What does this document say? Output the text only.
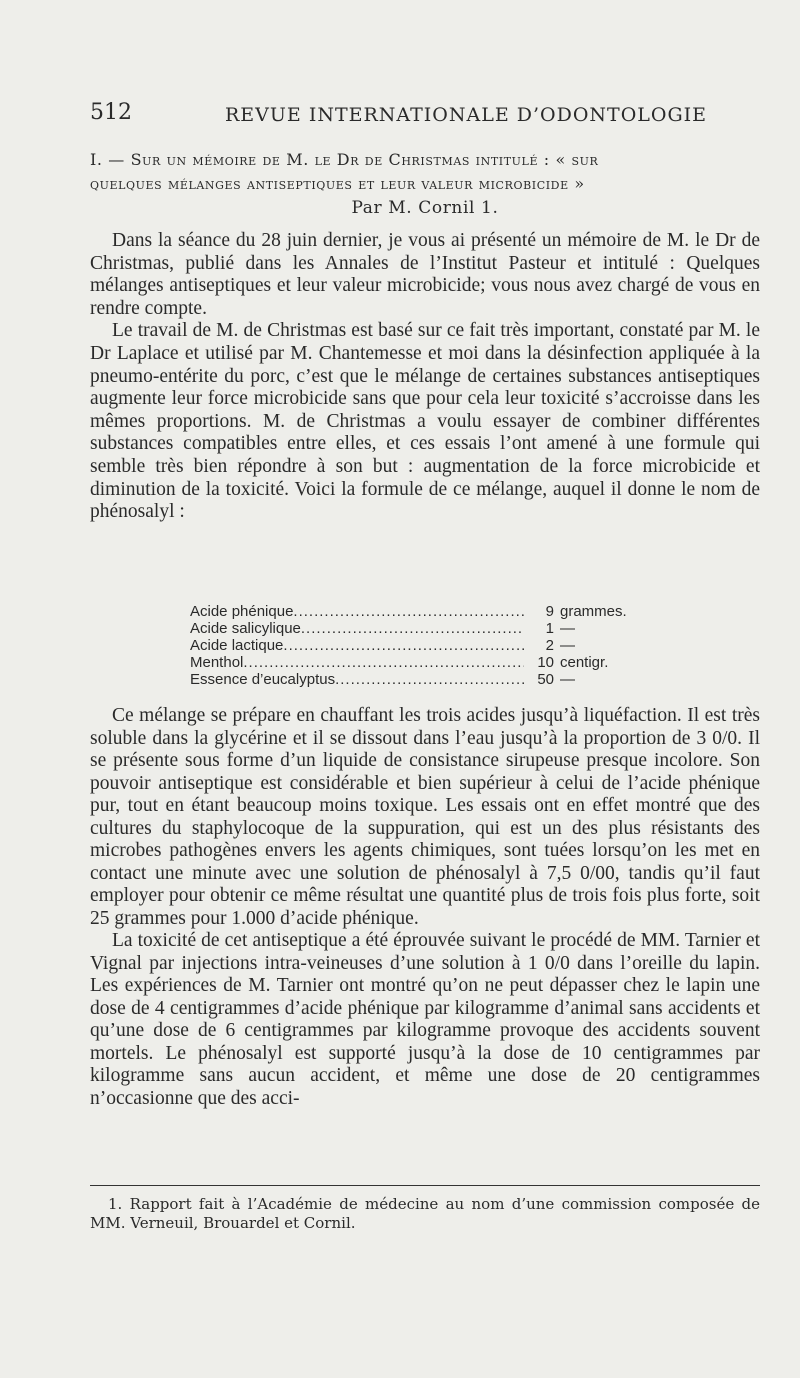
512	REVUE INTERNATIONALE D’ODONTOLOGIE
I. — Sur un mémoire de M. le Dr de Christmas intitulé : « sur
quelques mélanges antiseptiques et leur valeur microbicide »
Par M. Cornil 1.

Dans la séance du 28 juin dernier, je vous ai présenté un mémoire de M. le Dr de Christmas, publié dans les Annales de l’Institut Pasteur et intitulé : Quelques mélanges antiseptiques et leur valeur microbicide; vous nous avez chargé de vous en rendre compte.

Le travail de M. de Christmas est basé sur ce fait très important, constaté par M. le Dr Laplace et utilisé par M. Chantemesse et moi dans la désinfection appliquée à la pneumo-entérite du porc, c’est que le mélange de certaines substances antiseptiques augmente leur force microbicide sans que pour cela leur toxicité s’accroisse dans les mêmes proportions. M. de Christmas a voulu essayer de combiner différentes substances compatibles entre elles, et ces essais l’ont amené à une formule qui semble très bien répondre à son but : augmentation de la force microbicide et diminution de la toxicité. Voici la formule de ce mélange, auquel il donne le nom de phénosalyl :

Acide phénique .....	9 grammes.
Acide salicylique .....	1 —
Acide lactique .....	2 —
Menthol .....	10 centigr.
Essence d’eucalyptus .....	50 —

Ce mélange se prépare en chauffant les trois acides jusqu’à liquéfaction. Il est très soluble dans la glycérine et il se dissout dans l’eau jusqu’à la proportion de 3 0/0. Il se présente sous forme d’un liquide de consistance sirupeuse presque incolore. Son pouvoir antiseptique est considérable et bien supérieur à celui de l’acide phénique pur, tout en étant beaucoup moins toxique. Les essais ont en effet montré que des cultures du staphylocoque de la suppuration, qui est un des plus résistants des microbes pathogènes envers les agents chimiques, sont tuées lorsqu’on les met en contact une minute avec une solution de phénosalyl à 7,5 0/00, tandis qu’il faut employer pour obtenir ce même résultat une quantité plus de trois fois plus forte, soit 25 grammes pour 1.000 d’acide phénique.

La toxicité de cet antiseptique a été éprouvée suivant le procédé de MM. Tarnier et Vignal par injections intra-veineuses d’une solution à 1 0/0 dans l’oreille du lapin. Les expériences de M. Tarnier ont montré qu’on ne peut dépasser chez le lapin une dose de 4 centigrammes d’acide phénique par kilogramme d’animal sans accidents et qu’une dose de 6 centigrammes par kilogramme provoque des accidents souvent mortels. Le phénosalyl est supporté jusqu’à la dose de 10 centigrammes par kilogramme sans aucun accident, et même une dose de 20 centigrammes n’occasionne que des acci-

1. Rapport fait à l’Académie de médecine au nom d’une commission composée de MM. Verneuil, Brouardel et Cornil.
